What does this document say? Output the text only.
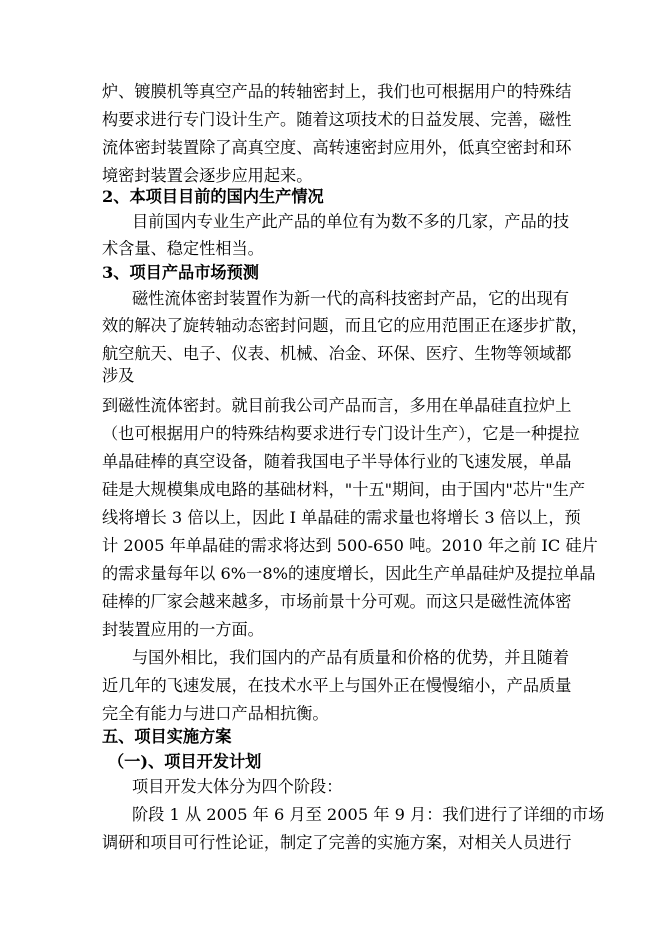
炉、镀膜机等真空产品的转轴密封上，我们也可根据用户的特殊结
构要求进行专门设计生产。随着这项技术的日益发展、完善，磁性
流体密封装置除了高真空度、高转速密封应用外，低真空密封和环
境密封装置会逐步应用起来。
2、本项目目前的国内生产情况
目前国内专业生产此产品的单位有为数不多的几家，产品的技
术含量、稳定性相当。
3、项目产品市场预测
磁性流体密封装置作为新一代的高科技密封产品，它的出现有
效的解决了旋转轴动态密封问题，而且它的应用范围正在逐步扩散，
航空航天、电子、仪表、机械、冶金、环保、医疗、生物等领域都
涉及
到磁性流体密封。就目前我公司产品而言，多用在单晶硅直拉炉上
（也可根据用户的特殊结构要求进行专门设计生产），它是一种提拉
单晶硅棒的真空设备，随着我国电子半导体行业的飞速发展，单晶
硅是大规模集成电路的基础材料，"十五"期间，由于国内"芯片"生产
线将增长 3 倍以上，因此 I 单晶硅的需求量也将增长 3 倍以上，预
计 2005 年单晶硅的需求将达到 500-650 吨。2010 年之前 IC 硅片
的需求量每年以 6%一8%的速度增长，因此生产单晶硅炉及提拉单晶
硅棒的厂家会越来越多，市场前景十分可观。而这只是磁性流体密
封装置应用的一方面。
与国外相比，我们国内的产品有质量和价格的优势，并且随着
近几年的飞速发展，在技术水平上与国外正在慢慢缩小，产品质量
完全有能力与进口产品相抗衡。
五、项目实施方案
（一)、项目开发计划
项目开发大体分为四个阶段：
阶段 1 从 2005 年 6 月至 2005 年 9 月：我们进行了详细的市场
调研和项目可行性论证，制定了完善的实施方案，对相关人员进行
